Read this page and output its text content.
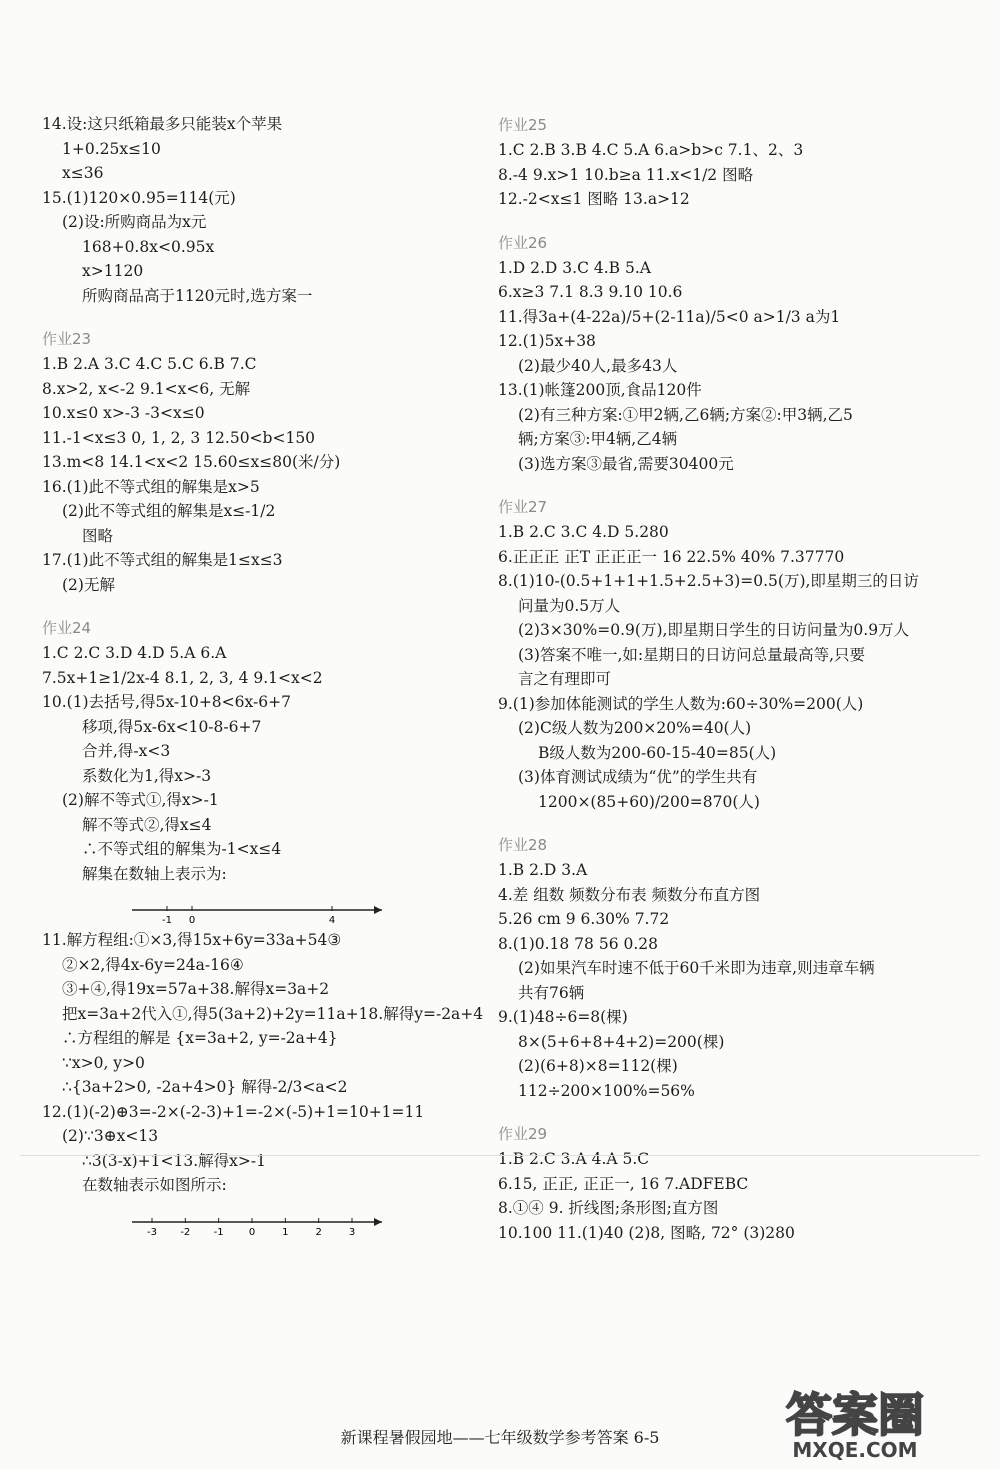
14.设:这只纸箱最多只能装x个苹果
1+0.25x≤10
x≤36
15.(1)120×0.95=114(元)
(2)设:所购商品为x元
168+0.8x<0.95x
x>1120
所购商品高于1120元时,选方案一
作业23
1.B 2.A 3.C 4.C 5.C 6.B 7.C
8.x>2, x<-2 9.1<x<6, 无解
10.x≤0 x>-3 -3<x≤0
11.-1<x≤3 0, 1, 2, 3 12.50<b<150
13.m<8 14.1<x<2 15.60≤x≤80(米/分)
16.(1)此不等式组的解集是x>5
(2)此不等式组的解集是x≤-1/2
图略
17.(1)此不等式组的解集是1≤x≤3
(2)无解
作业24
1.C 2.C 3.D 4.D 5.A 6.A
7.5x+1≥1/2x-4 8.1, 2, 3, 4 9.1<x<2
10.(1)去括号,得5x-10+8<6x-6+7
移项,得5x-6x<10-8-6+7
合并,得-x<3
系数化为1,得x>-3
(2)解不等式①,得x>-1
解不等式②,得x≤4
∴不等式组的解集为-1<x≤4
解集在数轴上表示为:
-1 0	4
11.解方程组:①×3,得15x+6y=33a+54③
②×2,得4x-6y=24a-16④
③+④,得19x=57a+38.解得x=3a+2
把x=3a+2代入①,得5(3a+2)+2y=11a+18.解得y=-2a+4
∴方程组的解是 {x=3a+2, y=-2a+4}
∵x>0, y>0
∴{3a+2>0, -2a+4>0} 解得-2/3<a<2
12.(1)(-2)⊕3=-2×(-2-3)+1=-2×(-5)+1=10+1=11
(2)∵3⊕x<13
∴3(3-x)+1<13.解得x>-1
在数轴表示如图所示:
-3 -2 -1	0	1	2	3
作业25
1.C 2.B 3.B 4.C 5.A 6.a>b>c 7.1、2、3
8.-4 9.x>1 10.b≥a 11.x<1/2 图略
12.-2<x≤1 图略 13.a>12
作业26
1.D 2.D 3.C 4.B 5.A
6.x≥3 7.1 8.3 9.10 10.6
11.得3a+(4-22a)/5+(2-11a)/5<0 a>1/3 a为1
12.(1)5x+38
(2)最少40人,最多43人
13.(1)帐篷200顶,食品120件
(2)有三种方案:①甲2辆,乙6辆;方案②:甲3辆,乙5
辆;方案③:甲4辆,乙4辆
(3)选方案③最省,需要30400元
作业27
1.B 2.C 3.C 4.D 5.280
6.正正正 正T 正正正一 16 22.5% 40% 7.37770
8.(1)10-(0.5+1+1+1.5+2.5+3)=0.5(万),即星期三的日访
问量为0.5万人
(2)3×30%=0.9(万),即星期日学生的日访问量为0.9万人
(3)答案不唯一,如:星期日的日访问总量最高等,只要
言之有理即可
9.(1)参加体能测试的学生人数为:60÷30%=200(人)
(2)C级人数为200×20%=40(人)
B级人数为200-60-15-40=85(人)
(3)体育测试成绩为“优”的学生共有
1200×(85+60)/200=870(人)
作业28
1.B 2.D 3.A
4.差 组数 频数分布表 频数分布直方图
5.26 cm 9 6.30% 7.72
8.(1)0.18 78 56 0.28
(2)如果汽车时速不低于60千米即为违章,则违章车辆
共有76辆
9.(1)48÷6=8(棵)
8×(5+6+8+4+2)=200(棵)
(2)(6+8)×8=112(棵)
112÷200×100%=56%
作业29
1.B 2.C 3.A 4.A 5.C
6.15, 正正, 正正一, 16 7.ADFEBC
8.①④ 9. 折线图;条形图;直方图
10.100 11.(1)40 (2)8, 图略, 72° (3)280
新课程暑假园地——七年级数学参考答案 6-5	答案圈
MXQE.COM
